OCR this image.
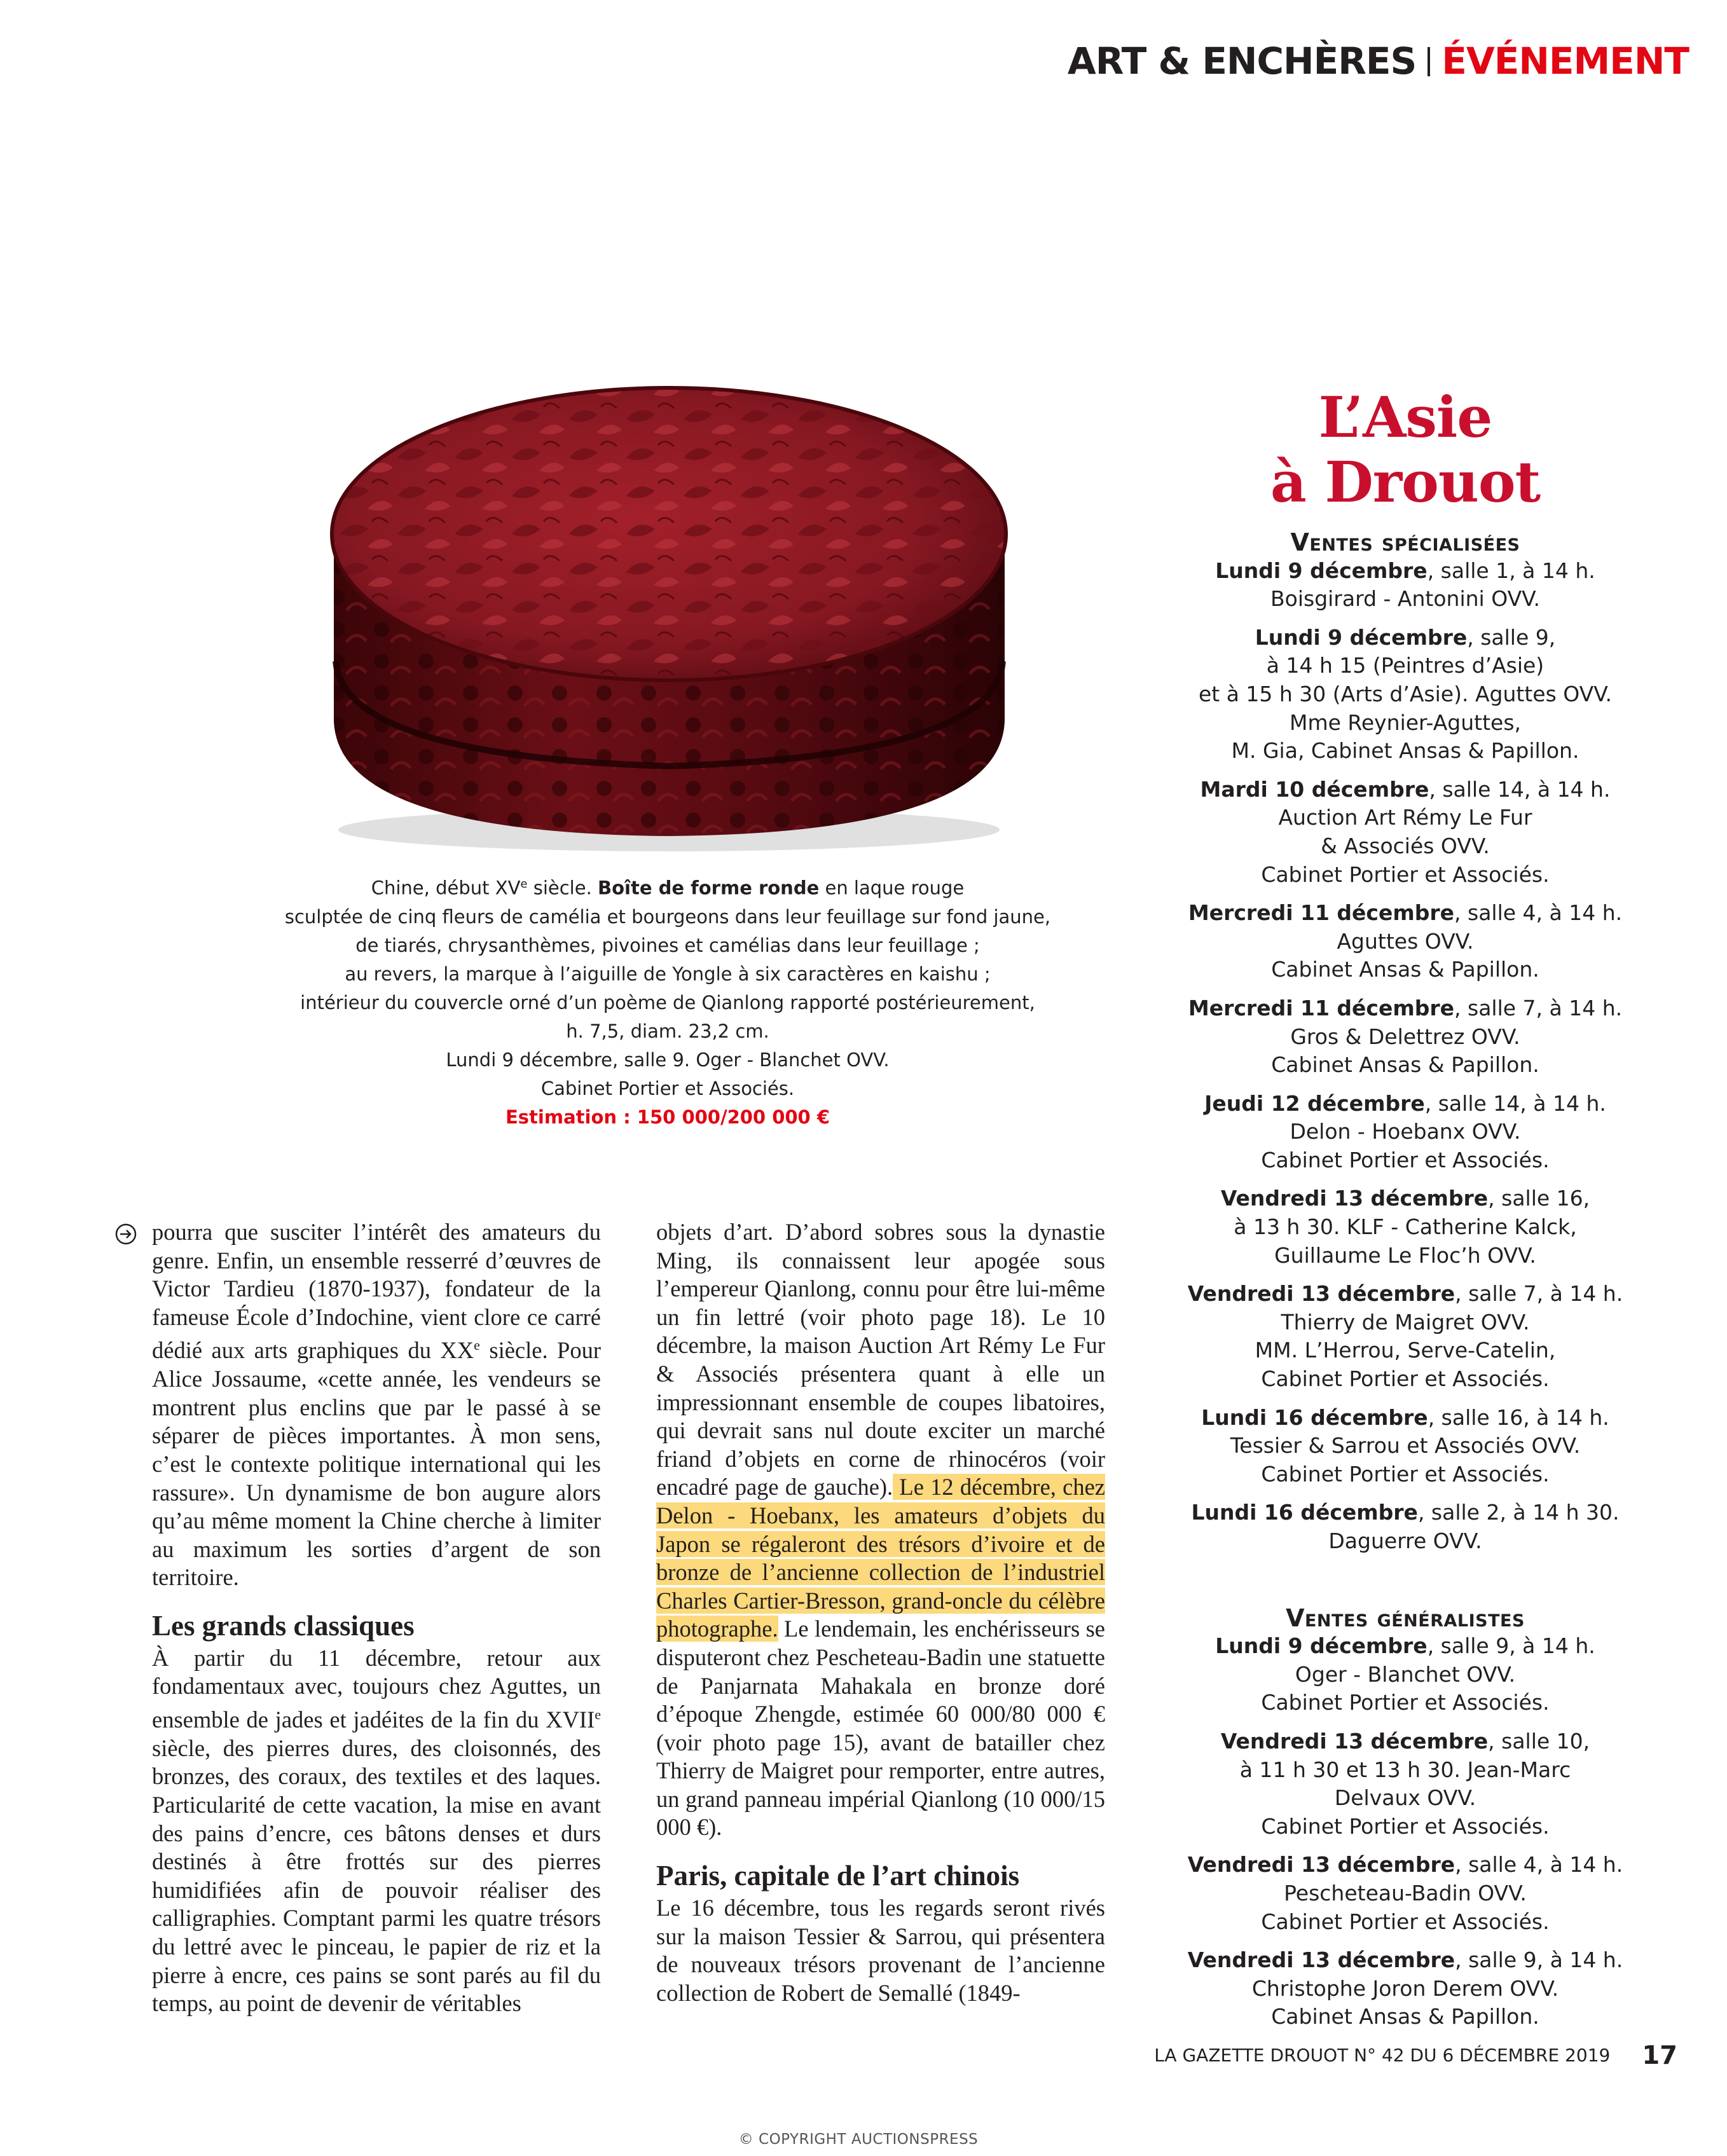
ART & ENCHÈRES ÉVÉNEMENT
Chine, début XVe siècle. Boîte de forme ronde en laque rouge
sculptée de cinq fleurs de camélia et bourgeons dans leur feuillage sur fond jaune,
de tiarés, chrysanthèmes, pivoines et camélias dans leur feuillage ;
au revers, la marque à l’aiguille de Yongle à six caractères en kaishu ;
intérieur du couvercle orné d’un poème de Qianlong rapporté postérieurement,
h. 7,5, diam. 23,2 cm.
Lundi 9 décembre, salle 9. Oger - Blanchet OVV.
Cabinet Portier et Associés.
Estimation : 150 000/200 000 €

pourra que susciter l’intérêt des amateurs du genre. Enfin, un ensemble resserré d’œuvres de Victor Tardieu (1870-1937), fondateur de la fameuse École d’Indochine, vient clore ce carré dédié aux arts graphiques du XXe siècle. Pour Alice Jossaume, «cette année, les vendeurs se montrent plus enclins que par le passé à se séparer de pièces importantes. À mon sens, c’est le contexte politique international qui les rassure». Un dynamisme de bon augure alors qu’au même moment la Chine cherche à limiter au maximum les sorties d’argent de son territoire.

Les grands classiques

À partir du 11 décembre, retour aux fondamentaux avec, toujours chez Aguttes, un ensemble de jades et jadéites de la fin du XVIIe siècle, des pierres dures, des cloisonnés, des bronzes, des coraux, des textiles et des laques. Particularité de cette vacation, la mise en avant des pains d’encre, ces bâtons denses et durs destinés à être frottés sur des pierres humidifiées afin de pouvoir réaliser des calligraphies. Comptant parmi les quatre trésors du lettré avec le pinceau, le papier de riz et la pierre à encre, ces pains se sont parés au fil du temps, au point de devenir de véritables

objets d’art. D’abord sobres sous la dynastie Ming, ils connaissent leur apogée sous l’empereur Qianlong, connu pour être lui-même un fin lettré (voir photo page 18). Le 10 décembre, la maison Auction Art Rémy Le Fur & Associés présentera quant à elle un impressionnant ensemble de coupes libatoires, qui devrait sans nul doute exciter un marché friand d’objets en corne de rhinocéros (voir encadré page de gauche). Le 12 décembre, chez Delon - Hoebanx, les amateurs d’objets du Japon se régaleront des trésors d’ivoire et de bronze de l’ancienne collection de l’industriel Charles Cartier-Bresson, grand-oncle du célèbre photographe. Le lendemain, les enchérisseurs se disputeront chez Pescheteau-Badin une statuette de Panjarnata Mahakala en bronze doré d’époque Zhengde, estimée 60 000/80 000 € (voir photo page 15), avant de batailler chez Thierry de Maigret pour remporter, entre autres, un grand panneau impérial Qianlong (10 000/15 000 €).

Paris, capitale de l’art chinois

Le 16 décembre, tous les regards seront rivés sur la maison Tessier & Sarrou, qui présentera de nouveaux trésors provenant de l’ancienne collection de Robert de Semallé (1849-

L’Asie
à Drouot

Ventes spécialisées

Lundi 9 décembre, salle 1, à 14 h.
Boisgirard - Antonini OVV.
Lundi 9 décembre, salle 9,
à 14 h 15 (Peintres d’Asie)
et à 15 h 30 (Arts d’Asie). Aguttes OVV.
Mme Reynier-Aguttes,
M. Gia, Cabinet Ansas & Papillon.
Mardi 10 décembre, salle 14, à 14 h.
Auction Art Rémy Le Fur
& Associés OVV.
Cabinet Portier et Associés.
Mercredi 11 décembre, salle 4, à 14 h.
Aguttes OVV.
Cabinet Ansas & Papillon.
Mercredi 11 décembre, salle 7, à 14 h.
Gros & Delettrez OVV.
Cabinet Ansas & Papillon.
Jeudi 12 décembre, salle 14, à 14 h.
Delon - Hoebanx OVV.
Cabinet Portier et Associés.
Vendredi 13 décembre, salle 16,
à 13 h 30. KLF - Catherine Kalck,
Guillaume Le Floc’h OVV.
Vendredi 13 décembre, salle 7, à 14 h.
Thierry de Maigret OVV.
MM. L’Herrou, Serve-Catelin,
Cabinet Portier et Associés.
Lundi 16 décembre, salle 16, à 14 h.
Tessier & Sarrou et Associés OVV.
Cabinet Portier et Associés.
Lundi 16 décembre, salle 2, à 14 h 30.
Daguerre OVV.

Ventes généralistes

Lundi 9 décembre, salle 9, à 14 h.
Oger - Blanchet OVV.
Cabinet Portier et Associés.
Vendredi 13 décembre, salle 10,
à 11 h 30 et 13 h 30. Jean-Marc
Delvaux OVV.
Cabinet Portier et Associés.
Vendredi 13 décembre, salle 4, à 14 h.
Pescheteau-Badin OVV.
Cabinet Portier et Associés.
Vendredi 13 décembre, salle 9, à 14 h.
Christophe Joron Derem OVV.
Cabinet Ansas & Papillon.
LA GAZETTE DROUOT N° 42 DU 6 DÉCEMBRE 2019 17
© COPYRIGHT AUCTIONSPRESS
